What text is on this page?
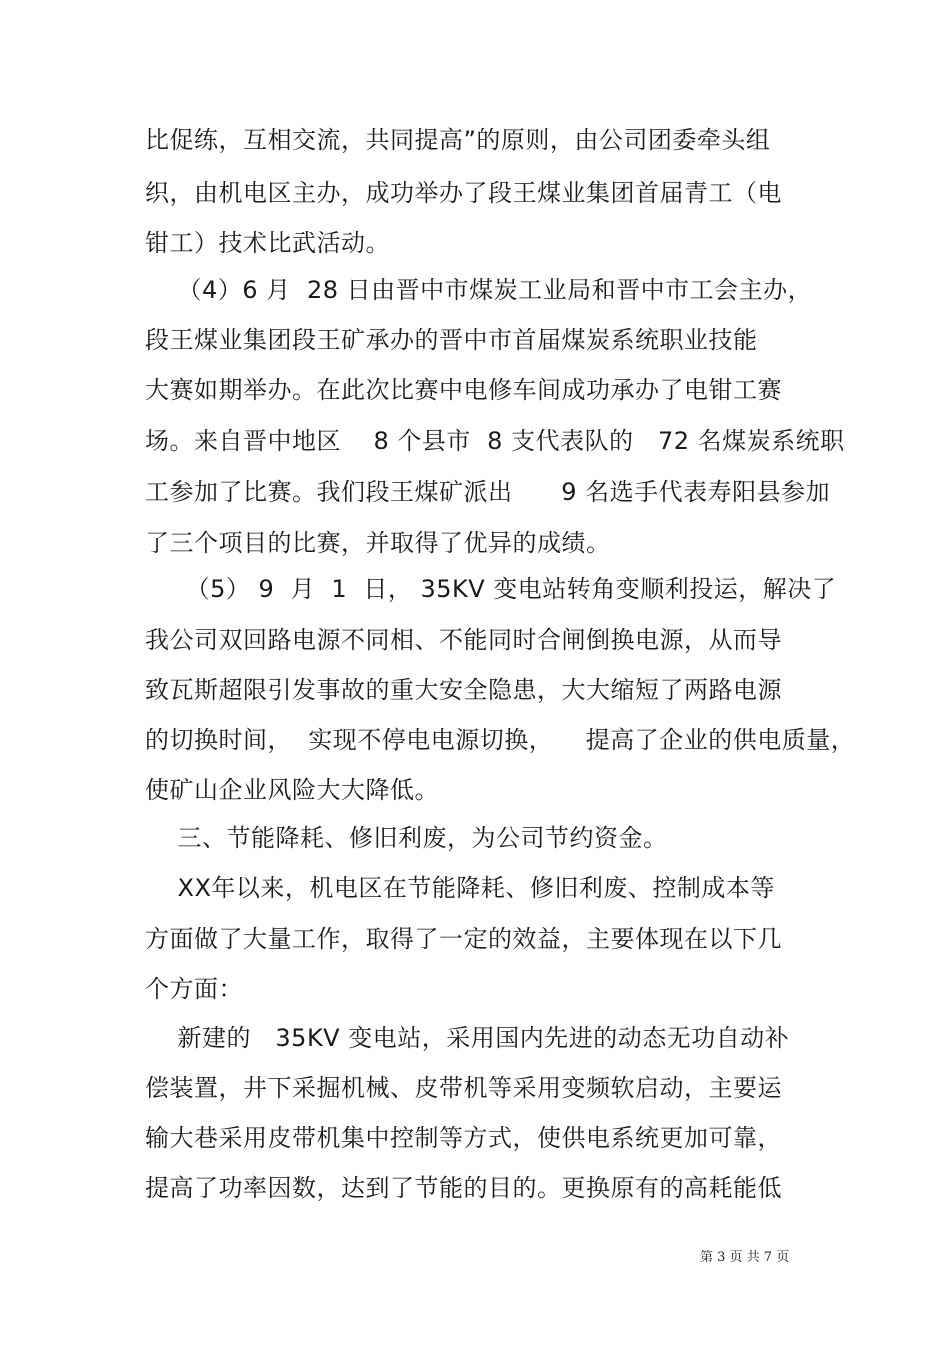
比促练，互相交流，共同提高”的原则，由公司团委牵头组
织，由机电区主办，成功举办了段王煤业集团首届青工（电
钳工）技术比武活动。
（4）6 月  28 日由晋中市煤炭工业局和晋中市工会主办，
段王煤业集团段王矿承办的晋中市首届煤炭系统职业技能
大赛如期举办。在此次比赛中电修车间成功承办了电钳工赛
场。来自晋中地区    8 个县市  8 支代表队的   72 名煤炭系统职
工参加了比赛。我们段王煤矿派出      9 名选手代表寿阳县参加
了三个项目的比赛，并取得了优异的成绩。
（5） 9  月  1  日， 35KV 变电站转角变顺利投运，解决了
我公司双回路电源不同相、不能同时合闸倒换电源，从而导
致瓦斯超限引发事故的重大安全隐患，大大缩短了两路电源
的切换时间，  实现不停电电源切换，    提高了企业的供电质量，
使矿山企业风险大大降低。
三、节能降耗、修旧利废，为公司节约资金。
XX年以来，机电区在节能降耗、修旧利废、控制成本等
方面做了大量工作，取得了一定的效益，主要体现在以下几
个方面：
新建的   35KV 变电站，采用国内先进的动态无功自动补
偿装置，井下采掘机械、皮带机等采用变频软启动，主要运
输大巷采用皮带机集中控制等方式，使供电系统更加可靠，
提高了功率因数，达到了节能的目的。更换原有的高耗能低
第 3 页 共 7 页
